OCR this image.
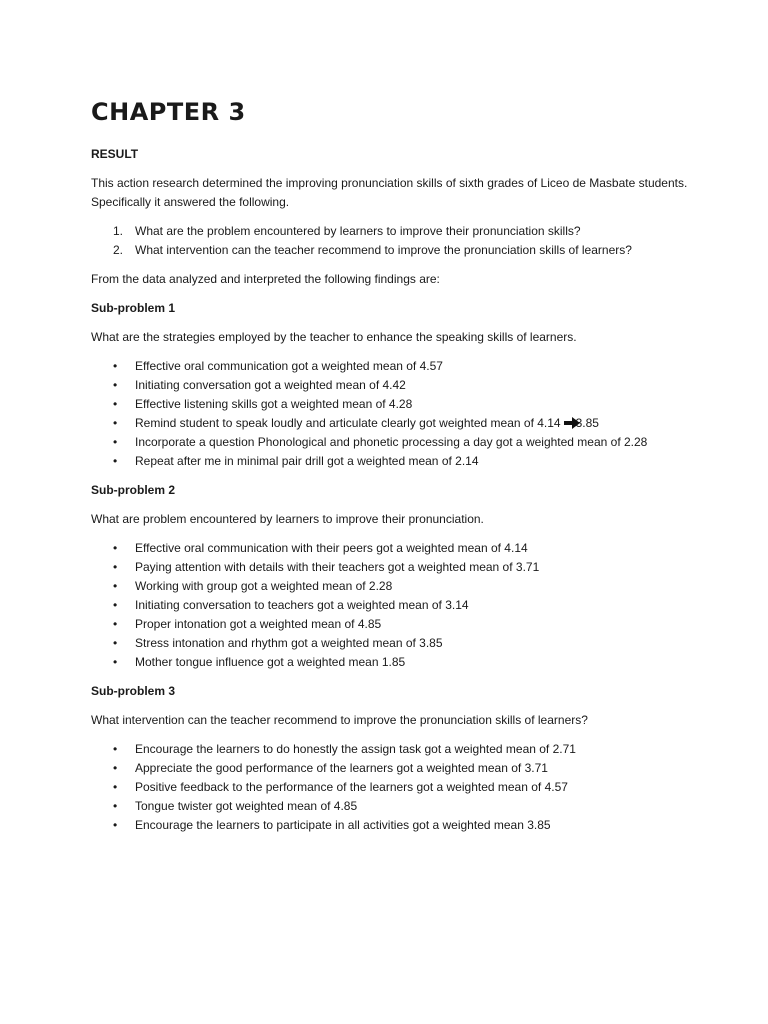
CHAPTER 3
RESULT

This action research determined the improving pronunciation skills of sixth grades of Liceo de Masbate students. Specifically it answered the following.

1. What are the problem encountered by learners to improve their pronunciation skills?
2. What intervention can the teacher recommend to improve the pronunciation skills of learners?

From the data analyzed and interpreted the following findings are:

Sub-problem 1

What are the strategies employed by the teacher to enhance the speaking skills of learners.

• Effective oral communication got a weighted mean of 4.57
• Initiating conversation got a weighted mean of 4.42
• Effective listening skills got a weighted mean of 4.28
• Remind student to speak loudly and articulate clearly got weighted mean of 4.14 3.85
• Incorporate a question Phonological and phonetic processing a day got a weighted mean of 2.28
• Repeat after me in minimal pair drill got a weighted mean of 2.14
Sub-problem 2

What are problem encountered by learners to improve their pronunciation.

• Effective oral communication with their peers got a weighted mean of 4.14
• Paying attention with details with their teachers got a weighted mean of 3.71
• Working with group got a weighted mean of 2.28
• Initiating conversation to teachers got a weighted mean of 3.14
• Proper intonation got a weighted mean of 4.85
• Stress intonation and rhythm got a weighted mean of 3.85
• Mother tongue influence got a weighted mean 1.85
Sub-problem 3

What intervention can the teacher recommend to improve the pronunciation skills of learners?

• Encourage the learners to do honestly the assign task got a weighted mean of 2.71
• Appreciate the good performance of the learners got a weighted mean of 3.71
• Positive feedback to the performance of the learners got a weighted mean of 4.57
• Tongue twister got weighted mean of 4.85
• Encourage the learners to participate in all activities got a weighted mean 3.85
